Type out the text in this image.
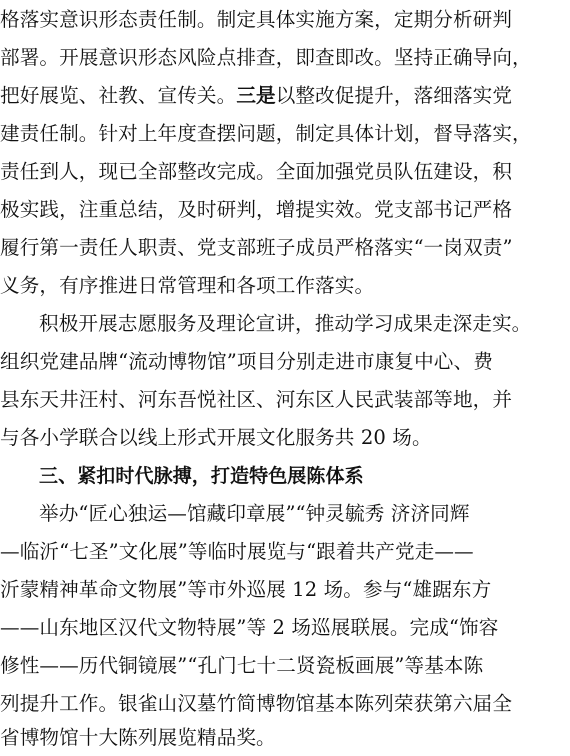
格落实意识形态责任制。制定具体实施方案，定期分析研判
部署。开展意识形态风险点排查，即查即改。坚持正确导向，
把好展览、社教、宣传关。三是以整改促提升，落细落实党
建责任制。针对上年度查摆问题，制定具体计划，督导落实，
责任到人，现已全部整改完成。全面加强党员队伍建设，积
极实践，注重总结，及时研判，增提实效。党支部书记严格
履行第一责任人职责、党支部班子成员严格落实“一岗双责”
义务，有序推进日常管理和各项工作落实。
积极开展志愿服务及理论宣讲，推动学习成果走深走实。
组织党建品牌“流动博物馆”项目分别走进市康复中心、费
县东天井汪村、河东吾悦社区、河东区人民武装部等地，并
与各小学联合以线上形式开展文化服务共 20 场。
三、紧扣时代脉搏，打造特色展陈体系
举办“匠心独运—馆藏印章展”“钟灵毓秀 济济同辉
—临沂“七圣”文化展”等临时展览与“跟着共产党走——
沂蒙精神革命文物展”等市外巡展 12 场。参与“雄踞东方
——山东地区汉代文物特展”等 2 场巡展联展。完成“饰容
修性——历代铜镜展”“孔门七十二贤瓷板画展”等基本陈
列提升工作。银雀山汉墓竹简博物馆基本陈列荣获第六届全
省博物馆十大陈列展览精品奖。
